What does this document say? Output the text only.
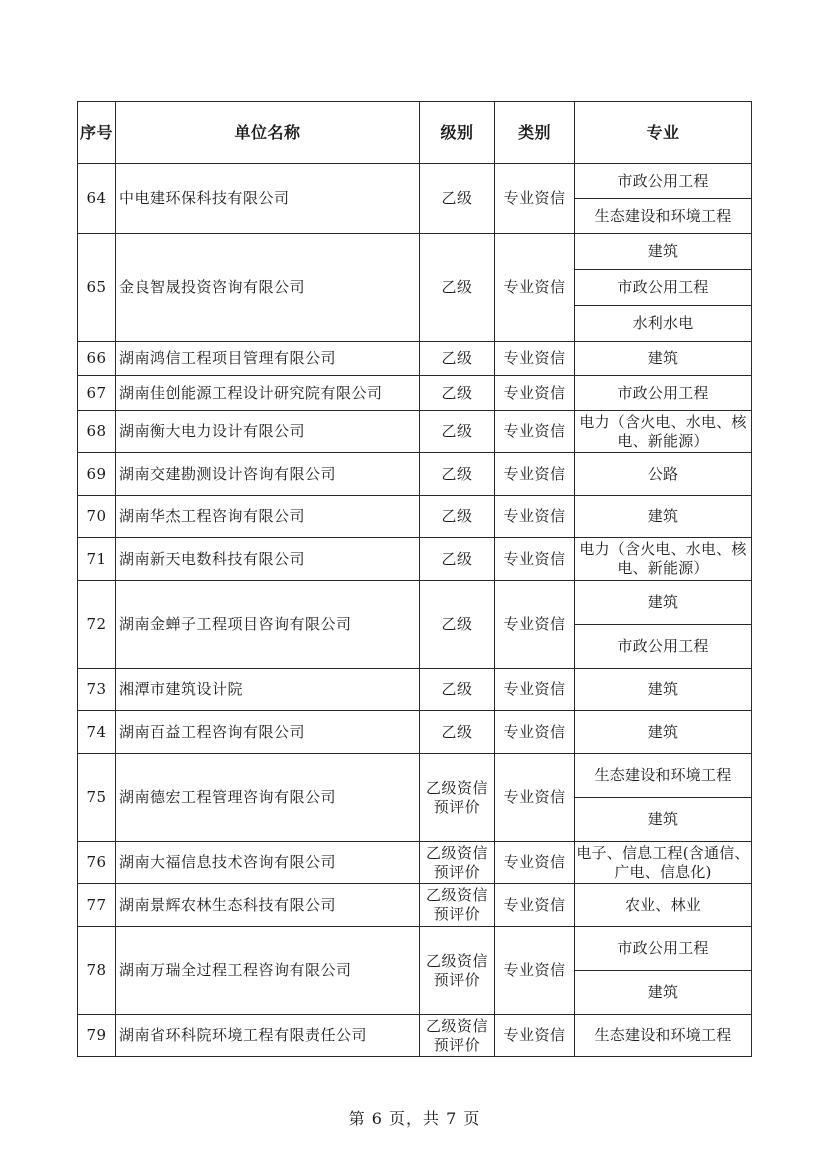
序号	单位名称	级别	类别	专业
64	中电建环保科技有限公司	乙级	专业资信	市政公用工程
				生态建设和环境工程
65	金良智晟投资咨询有限公司	乙级	专业资信	建筑
				市政公用工程
				水利水电
66	湖南鸿信工程项目管理有限公司	乙级	专业资信	建筑
67	湖南佳创能源工程设计研究院有限公司	乙级	专业资信	市政公用工程
68	湖南衡大电力设计有限公司	乙级	专业资信	电力（含火电、水电、核电、新能源）
69	湖南交建勘测设计咨询有限公司	乙级	专业资信	公路
70	湖南华杰工程咨询有限公司	乙级	专业资信	建筑
71	湖南新天电数科技有限公司	乙级	专业资信	电力（含火电、水电、核电、新能源）
72	湖南金蝉子工程项目咨询有限公司	乙级	专业资信	建筑
				市政公用工程
73	湘潭市建筑设计院	乙级	专业资信	建筑
74	湖南百益工程咨询有限公司	乙级	专业资信	建筑
75	湖南德宏工程管理咨询有限公司	乙级资信预评价	专业资信	生态建设和环境工程
				建筑
76	湖南大福信息技术咨询有限公司	乙级资信预评价	专业资信	电子、信息工程(含通信、广电、信息化)
77	湖南景辉农林生态科技有限公司	乙级资信预评价	专业资信	农业、林业
78	湖南万瑞全过程工程咨询有限公司	乙级资信预评价	专业资信	市政公用工程
				建筑
79	湖南省环科院环境工程有限责任公司	乙级资信预评价	专业资信	生态建设和环境工程
第 6 页，共 7 页
